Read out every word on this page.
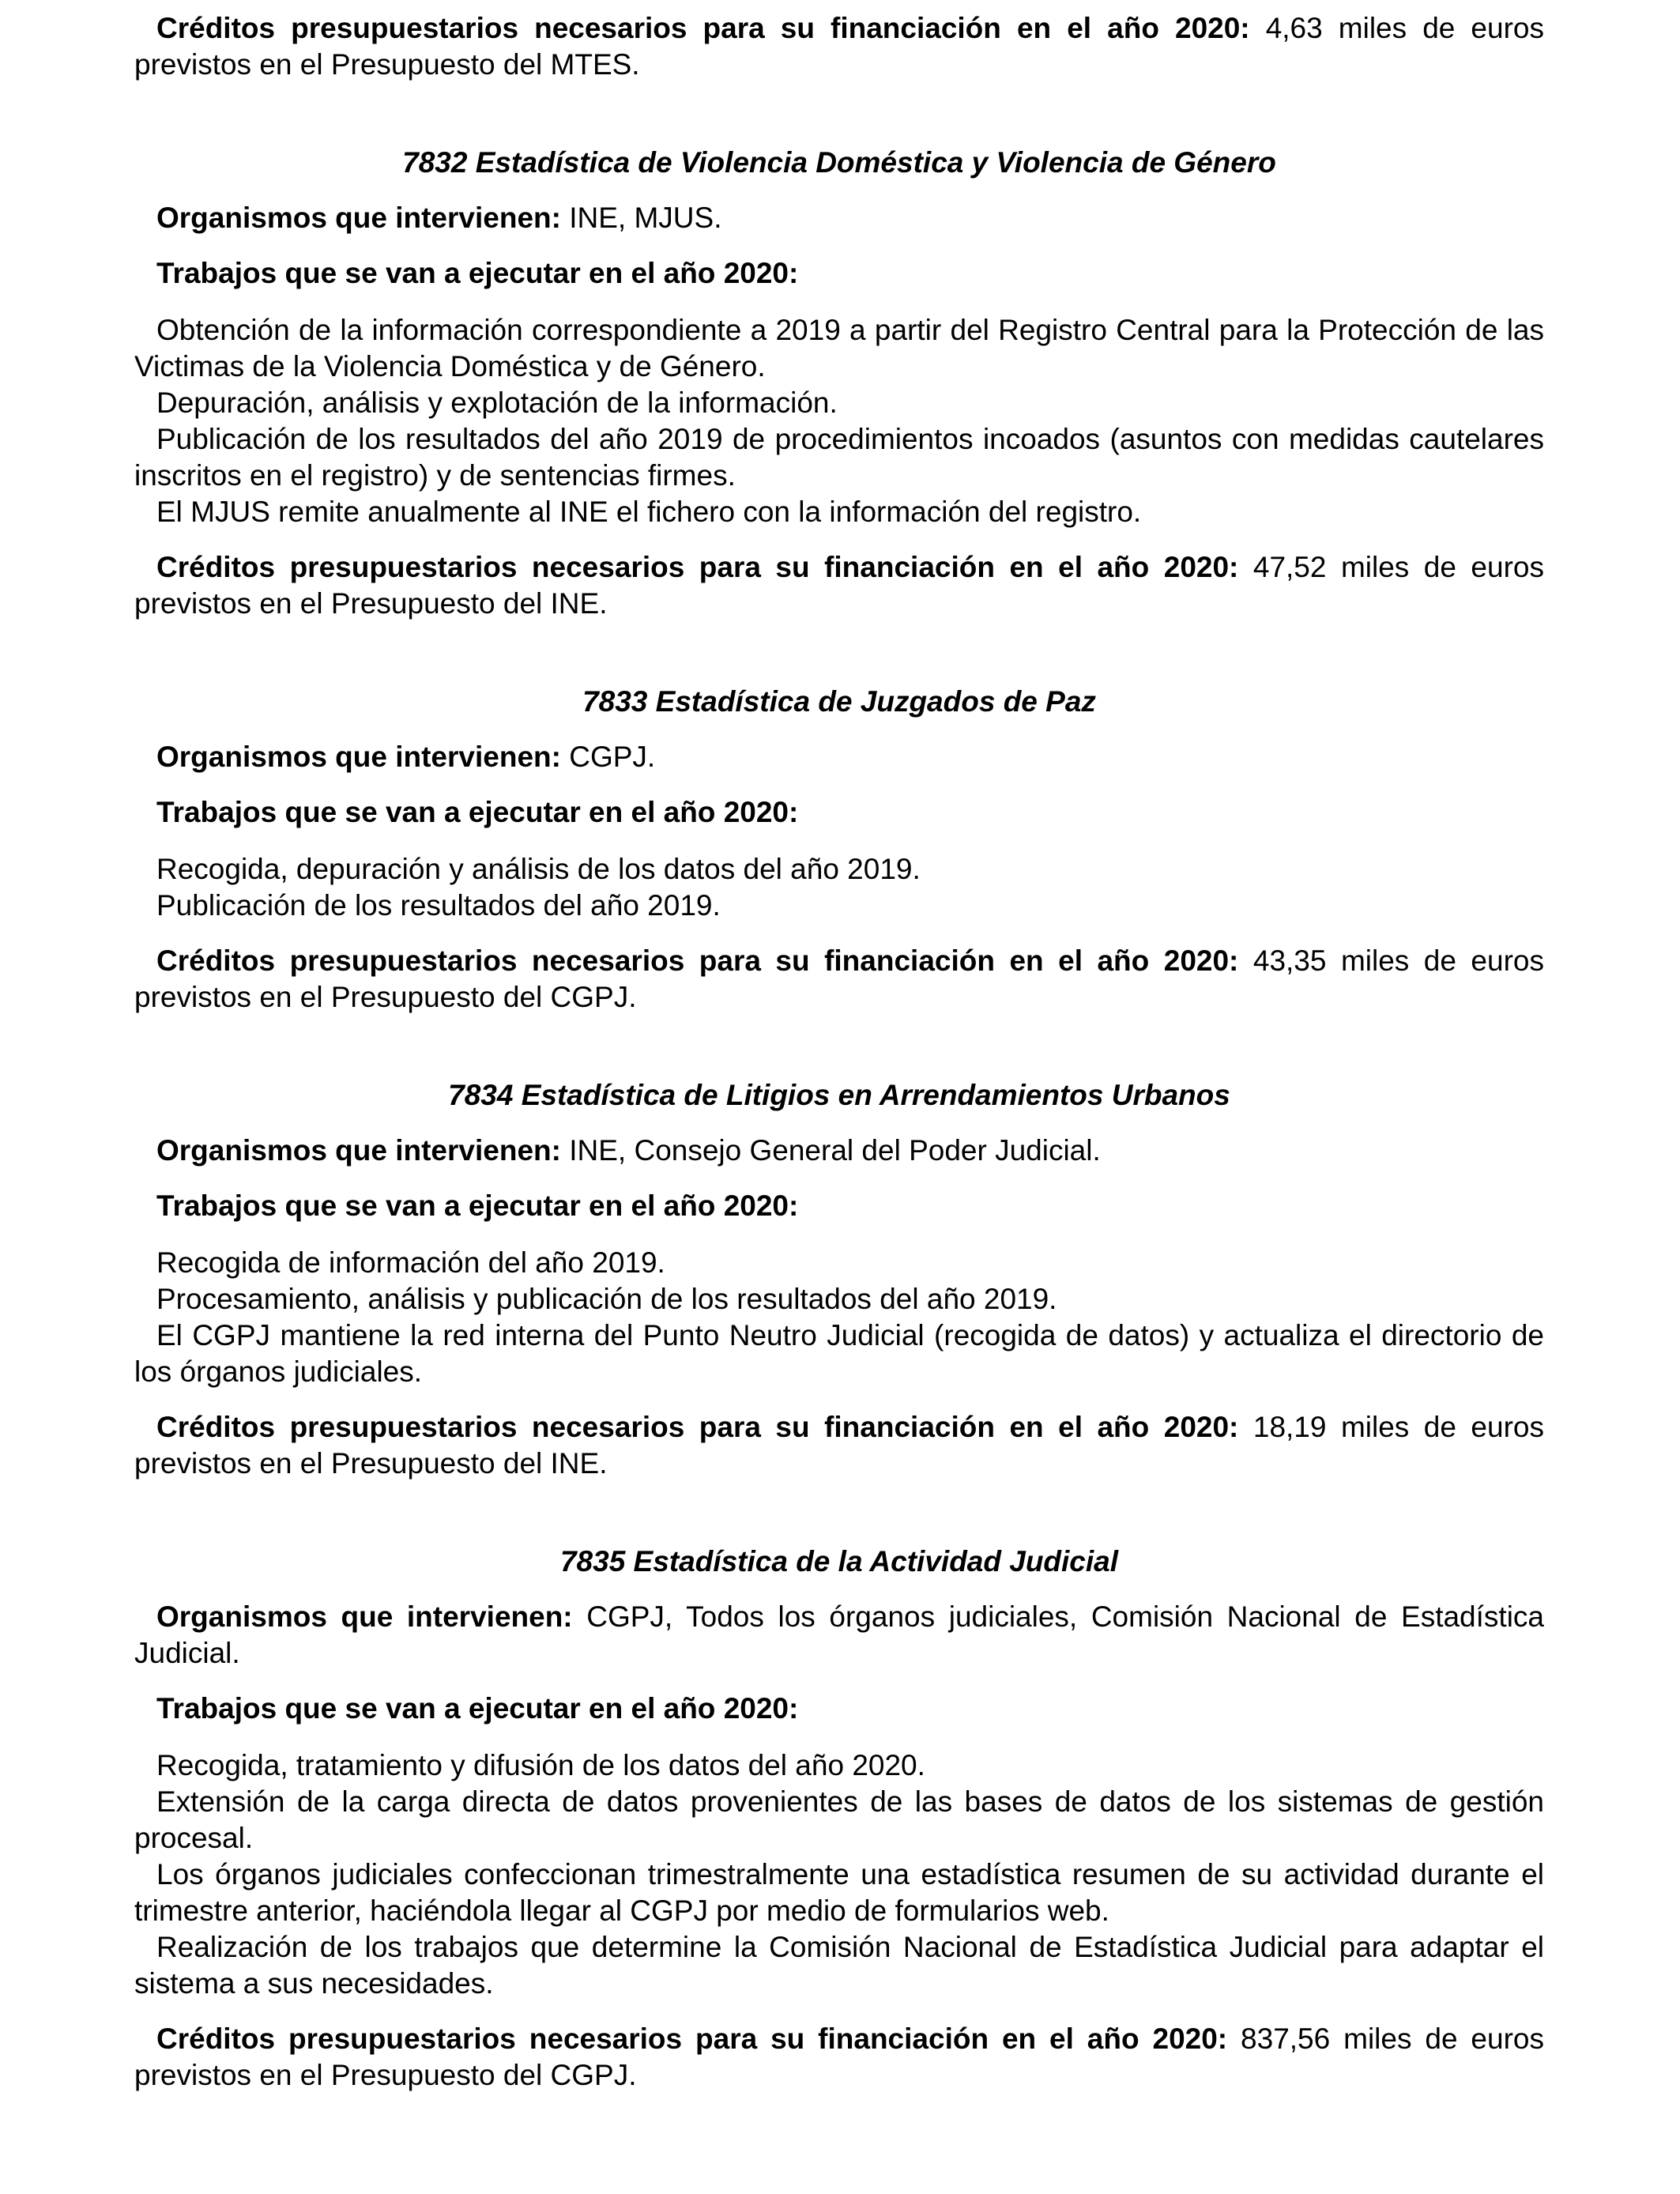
Créditos presupuestarios necesarios para su financiación en el año 2020: 4,63 miles de euros previstos en el Presupuesto del MTES.

7832 Estadística de Violencia Doméstica y Violencia de Género

Organismos que intervienen: INE, MJUS.

Trabajos que se van a ejecutar en el año 2020:

Obtención de la información correspondiente a 2019 a partir del Registro Central para la Protección de las Victimas de la Violencia Doméstica y de Género.

Depuración, análisis y explotación de la información.

Publicación de los resultados del año 2019 de procedimientos incoados (asuntos con medidas cautelares inscritos en el registro) y de sentencias firmes.

El MJUS remite anualmente al INE el fichero con la información del registro.

Créditos presupuestarios necesarios para su financiación en el año 2020: 47,52 miles de euros previstos en el Presupuesto del INE.

7833 Estadística de Juzgados de Paz

Organismos que intervienen: CGPJ.

Trabajos que se van a ejecutar en el año 2020:

Recogida, depuración y análisis de los datos del año 2019.

Publicación de los resultados del año 2019.

Créditos presupuestarios necesarios para su financiación en el año 2020: 43,35 miles de euros previstos en el Presupuesto del CGPJ.

7834 Estadística de Litigios en Arrendamientos Urbanos

Organismos que intervienen: INE, Consejo General del Poder Judicial.

Trabajos que se van a ejecutar en el año 2020:

Recogida de información del año 2019.

Procesamiento, análisis y publicación de los resultados del año 2019.

El CGPJ mantiene la red interna del Punto Neutro Judicial (recogida de datos) y actualiza el directorio de los órganos judiciales.

Créditos presupuestarios necesarios para su financiación en el año 2020: 18,19 miles de euros previstos en el Presupuesto del INE.

7835 Estadística de la Actividad Judicial

Organismos que intervienen: CGPJ, Todos los órganos judiciales, Comisión Nacional de Estadística Judicial.

Trabajos que se van a ejecutar en el año 2020:

Recogida, tratamiento y difusión de los datos del año 2020.

Extensión de la carga directa de datos provenientes de las bases de datos de los sistemas de gestión procesal.

Los órganos judiciales confeccionan trimestralmente una estadística resumen de su actividad durante el trimestre anterior, haciéndola llegar al CGPJ por medio de formularios web.

Realización de los trabajos que determine la Comisión Nacional de Estadística Judicial para adaptar el sistema a sus necesidades.

Créditos presupuestarios necesarios para su financiación en el año 2020: 837,56 miles de euros previstos en el Presupuesto del CGPJ.
